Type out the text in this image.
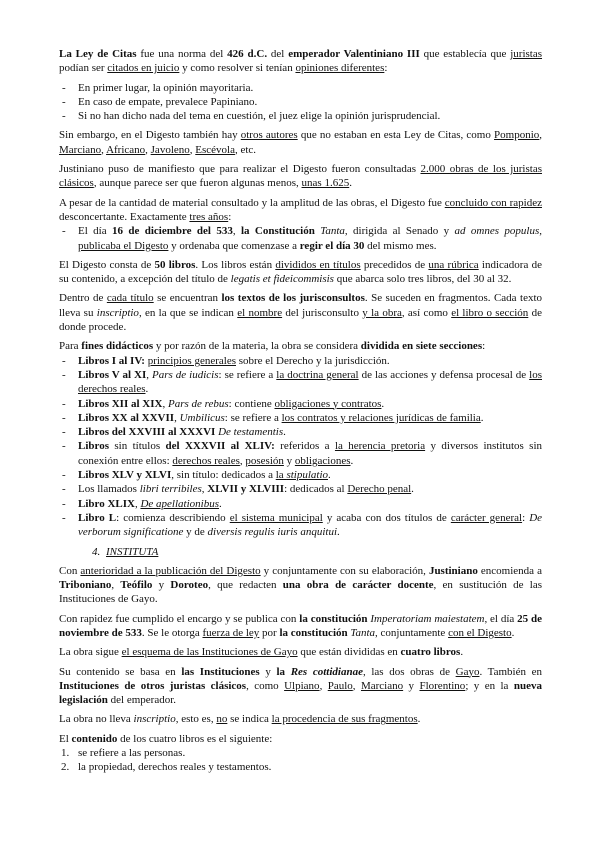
La Ley de Citas fue una norma del 426 d.C. del emperador Valentiniano III que establecía que juristas podían ser citados en juicio y como resolver si tenían opiniones diferentes:

- En primer lugar, la opinión mayoritaria.
- En caso de empate, prevalece Papiniano.
- Si no han dicho nada del tema en cuestión, el juez elige la opinión jurisprudencial.

Sin embargo, en el Digesto también hay otros autores que no estaban en esta Ley de Citas, como Pomponio, Marciano, Africano, Javoleno, Escévola, etc.

Justiniano puso de manifiesto que para realizar el Digesto fueron consultadas 2.000 obras de los juristas clásicos, aunque parece ser que fueron algunas menos, unas 1.625.

A pesar de la cantidad de material consultado y la amplitud de las obras, el Digesto fue concluido con rapidez desconcertante. Exactamente tres años:

- El día 16 de diciembre del 533, la Constitución Tanta, dirigida al Senado y ad omnes populus, publicaba el Digesto y ordenaba que comenzase a regir el día 30 del mismo mes.

El Digesto consta de 50 libros. Los libros están divididos en títulos precedidos de una rúbrica indicadora de su contenido, a excepción del título de legatis et fideicommisis que abarca solo tres libros, del 30 al 32.

Dentro de cada título se encuentran los textos de los jurisconsultos. Se suceden en fragmentos. Cada texto lleva su inscriptio, en la que se indican el nombre del jurisconsulto y la obra, así como el libro o sección de donde procede.

Para fines didácticos y por razón de la materia, la obra se considera dividida en siete secciones:

- Libros I al IV: principios generales sobre el Derecho y la jurisdicción.
- Libros V al XI, Pars de iudicis: se refiere a la doctrina general de las acciones y defensa procesal de los derechos reales.
- Libros XII al XIX, Pars de rebus: contiene obligaciones y contratos.
- Libros XX al XXVII, Umbilicus: se refiere a los contratos y relaciones jurídicas de familia.
- Libros del XXVIII al XXXVI De testamentis.
- Libros sin títulos del XXXVII al XLIV: referidos a la herencia pretoria y diversos institutos sin conexión entre ellos: derechos reales, posesión y obligaciones.
- Libros XLV y XLVI, sin título: dedicados a la stipulatio.
- Los llamados libri terribiles, XLVII y XLVIII: dedicados al Derecho penal.
- Libro XLIX, De apellationibus.
- Libro L: comienza describiendo el sistema municipal y acaba con dos títulos de carácter general: De verborum significatione y de diversis regulis iuris anquitui.
4. INSTITUTA

Con anterioridad a la publicación del Digesto y conjuntamente con su elaboración, Justiniano encomienda a Triboniano, Teófilo y Doroteo, que redacten una obra de carácter docente, en sustitución de las Instituciones de Gayo.

Con rapidez fue cumplido el encargo y se publica con la constitución Imperatoriam maiestatem, el día 25 de noviembre de 533. Se le otorga fuerza de ley por la constitución Tanta, conjuntamente con el Digesto.

La obra sigue el esquema de las Instituciones de Gayo que están divididas en cuatro libros.

Su contenido se basa en las Instituciones y la Res cottidianae, las dos obras de Gayo. También en Instituciones de otros juristas clásicos, como Ulpiano, Paulo, Marciano y Florentino; y en la nueva legislación del emperador.

La obra no lleva inscriptio, esto es, no se indica la procedencia de sus fragmentos.

El contenido de los cuatro libros es el siguiente:

1. se refiere a las personas.
2. la propiedad, derechos reales y testamentos.
